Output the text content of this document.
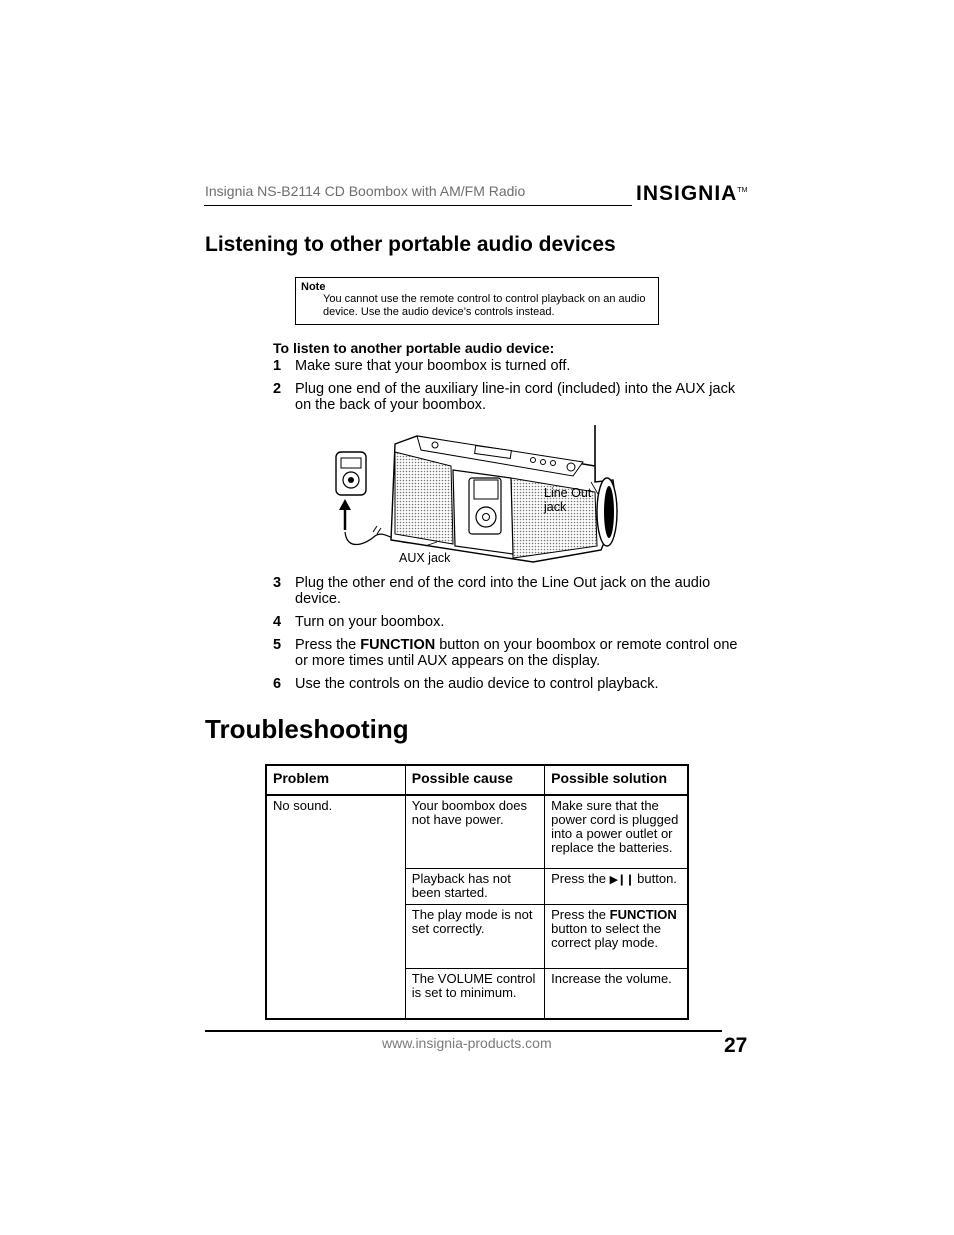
Insignia NS-B2114 CD Boombox with AM/FM Radio	INSIGNIA™
Listening to other portable audio devices
Note
You cannot use the remote control to control playback on an audio device. Use the audio device’s controls instead.
To listen to another portable audio device:
1 Make sure that your boombox is turned off.
2 Plug one end of the auxiliary line-in cord (included) into the AUX jack on the back of your boombox.
Line Out jack
AUX jack
3 Plug the other end of the cord into the Line Out jack on the audio device.
4 Turn on your boombox.
5 Press the FUNCTION button on your boombox or remote control one or more times until AUX appears on the display.
6 Use the controls on the audio device to control playback.
Troubleshooting
Problem	Possible cause	Possible solution
No sound.	Your boombox does not have power.	Make sure that the power cord is plugged into a power outlet or replace the batteries.
	Playback has not been started.	Press the ▶❙❙ button.
	The play mode is not set correctly.	Press the FUNCTION button to select the correct play mode.
	The VOLUME control is set to minimum.	Increase the volume.
www.insignia-products.com	27
